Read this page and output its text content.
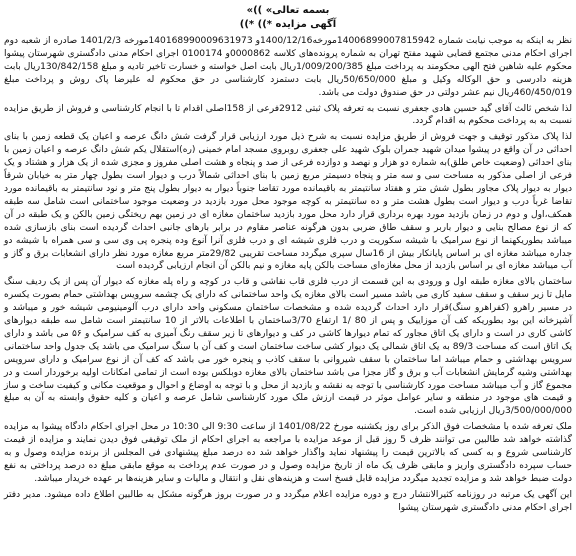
بسمه تعالی» ))»

آگهی مزایده *)) *))

نظر به اینکه به موجب نیابت شماره 14006899007815942مورخه1400/12/16و 140168990009631973مورخه 1401/2/3 صادره از شعبه دوم اجرای احکام مدنی مجتمع قضایی شهید مفتح تهران به شماره پرونده‌های کلاسه 0000862و 0100174 اجرای احکام مدنی دادگستری شهرستان پیشوا محکوم علیه شاهین فتح الهی محکومند به پرداخت مبلغ 1/009/200/385ریال بابت اصل خواسته و خسارت تاخیر تادیه و مبلغ 130/842/158ریال بابت هزینه دادرسی و حق الوکاله وکیل و مبلغ 50/650/000ریال بابت دستمزد کارشناسی در حق محکوم له علیرضا پاک روش و پرداخت مبلغ 460/450/019ریال نیم عشر دولتی در حق صندوق دولت می باشد.

لذا شخص ثالث آقای گید حسین هادی جعفری نسبت به تعرفه پلاک ثبتی 2912فرعی از 158اصلی اقدام تا با انجام کارشناسی و فروش از طریق مزایده نسبت به به پرداخت محکوم به اقدام گردد.

لذا پلاک مذکور توقیف و جهت فروش از طریق مزایده نسبت به شرح ذیل مورد ارزیابی قرار گرفت شش دانگ عرصه و اعیان یک قطعه زمین با بنای احداثی در آن واقع در پیشوا میدان شهید جمران بلوک شهید علی جعفری روبروی مسجد امام خمینی (ره)استقلال یکم شش دانگ عرصه و اعیان زمین با بنای احداثی (وضعیت خاص طلق)به شماره دو هزار و نهصد و دوازده فرعی از صد و پنجاه و هشت اصلی مفروز و مجزی شده از یک هزار و هشتاد و یک فرعی از اصلی مذکور به مساحت سی و سه متر و پنجاه دسیمتر مربع زمین با بنای احداثی شمالاً درب و دیوار است بطول چهار متر به خیابان شرقاً دیوار به دیوار پلاک مجاور بطول شش متر و هفتاد سانتیمتر به باقیمانده مورد تقاضا جنوباً دیوار به دیوار بطول پنج متر و نود سانتیمتر به باقیمانده مورد تقاضا غرباً درب و دیوار است بطول هشت متر و ده سانتیمتر به کوچه موجود محل مورد بازدید در وضعیت موجود ساختمانی است شامل سه طبقه همکف،اول و دوم در زمان بازدید مورد بهره برداری قرار دارد محل مورد بازدید ساختمان مغازه ای در زمین بهم ریختگی زمین بالکن و یک طبقه در آن که از نوع مصالح بنایی و دیوار باربر و سقف طاق ضربی بدون هرگونه عناصر مقاوم در برابر بارهای جانبی احداث گردیده است بنای بازسازی شده میباشد بطوریکهنما از نوع سرامیک با شیشه سکوریت و درب فلزی شیشه ای و درب فلزی آنرا آنوع وده پنجره پی وی سی و سی همراه با شیشه دو جداره میباشد مغازه ای بر اساس پایانکار بیش از 16سال سپری میگردد مساحت تقریبی 29/82متر مربع مغازه مورد نظر دارای انشعابات برق و گاز و آب میباشد مغازه ای بر اساس بازدید از محل مغازه‌ای مساحت بالکن پایه مغازه و نیم بالکن آن انجام ارزیابی گردیده است

ساختمان بالای مغازه طبقه اول و ورودی به این قسمت از درب فلزی قاب نقاشی و قاب در کوچه و راه پله مغازه که دیوار آن پس از یک ردیف سنگ مایل تا زیر سقف و سقف سفید کاری می باشد مسیر است بالای مغازه یک واحد ساختمانی که دارای یک چشمه سرویس بهداشتی حمام بصورت یکسره در مسیر راهرو (کفراهرو سنگ)قرار دارد احداث گردیده شده و مشخصات ساختمان مسکونی واحد دارای درب آلومینیومی شیشه خور و میباشد و آشپزخانه این بود بطوریکه کف آن موزاییک و پس از 80 /1 ارتفاع 3/70ساختمان با اطلاعات بالاتر از 10 سانتیمتر است شامل سه طبقه دیوارهای کاشی کاری در است و دارای یک اتاق مجاور که تمام دیوارها کاشی در کف و دیوارهای تا زیر سقف رنگ آمیزی به کف سرامیک و ۵۶ می باشد و دارای یک اتاق است که مساحت 89/3 به یک اتاق شمالی یک دیوار کشی ساخت ساختمان است و کف آن با سنگ سرامیک می باشد یک جدول واحد ساختمانی سرویس بهداشتی و حمام میباشد اما ساختمان با سقف شیروانی با سقف کاذب و پنجره خور می باشد که کف آن از نوع سرامیک و دارای سرویس بهداشتی وشیه گرمایش انشعابات آب و برق و گاز مجزا می باشد ساختمان بالای مغازه دوبلکس بوده است از تمامی امکانات اولیه برخوردار است و در مجموع گاز و آب میباشد مساحت مورد کارشناسی با توجه به نقشه و بازدید از محل و با توجه به اوضاع و احوال و موقعیت مکانی و کیفیت ساخت و ساز و قیمت های موجود در منطقه و سایر عوامل موثر در قیمت ارزش ملک مورد کارشناسی شامل عرصه و اعیان و کلیه حقوق وابسته به آن به مبلغ 3/500/000/000ریال ارزیابی شده است.

ملک تعرفه شده با مشخصات فوق الذکر برای روز یکشنبه مورخ 1401/08/22 از ساعت 9:30 الی 10:30 در محل اجرای احکام دادگاه پیشوا به مزایده گذاشته خواهد شد طالبین می توانند ظرف 5 روز قبل از موعد مزایده با مراجعه به اجرای احکام از ملک توقیفی فوق دیدن نمایند و مزایده از قیمت کارشناسی شروع و به کسی که بالاترین قیمت را پیشنهاد نماید واگذار خواهد شد ده درصد مبلغ پیشنهادی فی المجلس از برنده مزایده وصول و به حساب سپرده دادگستری واریز و مابقی ظرف یک ماه از تاریخ مزایده وصول و در صورت عدم پرداخت به موقع مابقی مبلغ ده درصد پرداختی به نفع دولت ضبط خواهد شد و مزایده تجدید میگردد مزایده قابل فسخ است و هزینه‌های نقل و انتقال و مالیات و سایر هزینه‌ها بر عهده خریدار میباشد.

این آگهی یک مرتبه در روزنامه کثیرالانتشار درج و دوره مزایده اعلام میگردد و در صورت بروز هرگونه مشکل به طالبین اطلاع داده میشود. مدیر دفتر اجرای احکام مدنی دادگستری شهرستان پیشوا
